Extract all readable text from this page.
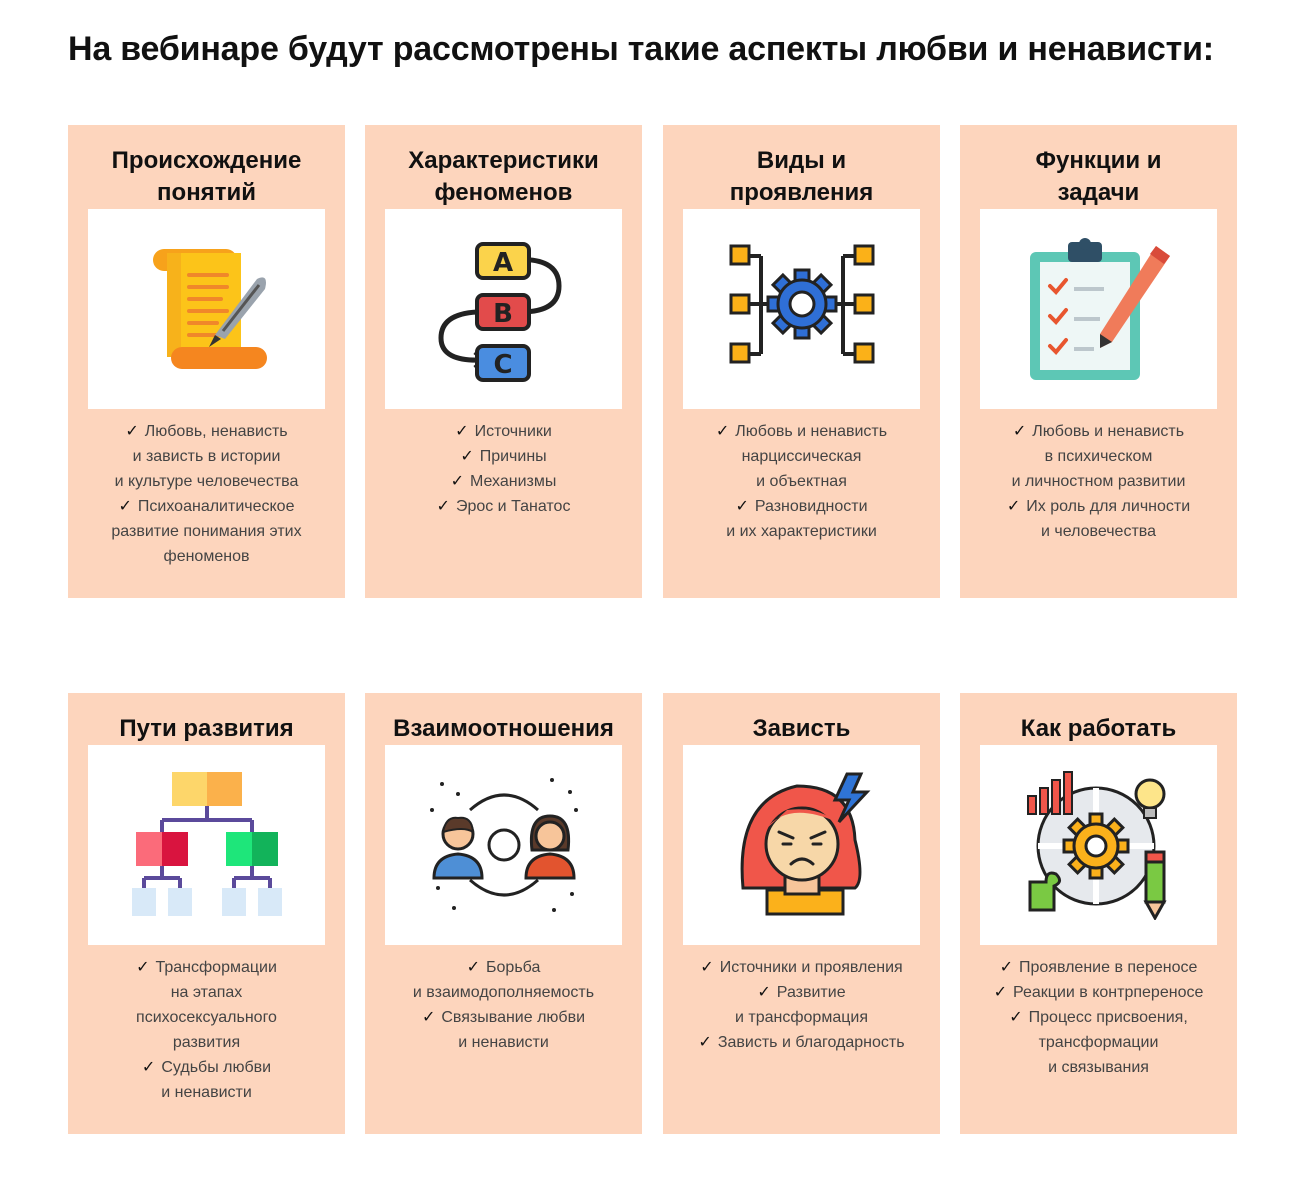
На вебинаре будут рассмотрены такие аспекты любви и ненависти:
Происхождение
понятий
✓ Любовь, ненависть
и зависть в истории
и культуре человечества
✓ Психоаналитическое
развитие понимания этих
феноменов
Характеристики
феноменов
A
B
C
✓ Источники
✓ Причины
✓ Механизмы
✓ Эрос и Танатос
Виды и
проявления
✓ Любовь и ненависть
нарциссическая
и объектная
✓ Разновидности
и их характеристики
Функции и
задачи
✓ Любовь и ненависть
в психическом
и личностном развитии
✓ Их роль для личности
и человечества
Пути развития
✓ Трансформации
на этапах
психосексуального
развития
✓ Судьбы любви
и ненависти
Взаимоотношения
✓ Борьба
и взаимодополняемость
✓ Связывание любви
и ненависти
Зависть
✓ Источники и проявления
✓ Развитие
и трансформация
✓ Зависть и благодарность
Как работать
✓ Проявление в переносе
✓ Реакции в контрпереносе
✓ Процесс присвоения,
трансформации
и связывания
